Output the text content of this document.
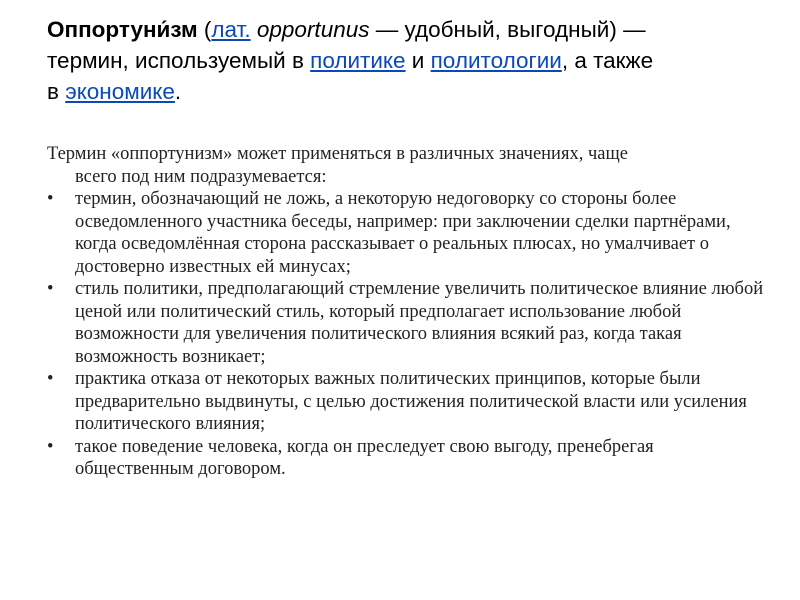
Оппортуни́зм (лат. opportunus — удобный, выгодный) —
термин, используемый в политике и политологии, а также
в экономике.

Термин «оппортунизм» может применяться в различных значениях, чаще
всего под ним подразумевается:

•	термин, обозначающий не ложь, а некоторую недоговорку со стороны более осведомленного участника беседы, например: при заключении сделки партнёрами, когда осведомлённая сторона рассказывает о реальных плюсах, но умалчивает о достоверно известных ей минусах;
•	стиль политики, предполагающий стремление увеличить политическое влияние любой ценой или политический стиль, который предполагает использование любой возможности для увеличения политического влияния всякий раз, когда такая возможность возникает;
•	практика отказа от некоторых важных политических принципов, которые были предварительно выдвинуты, с целью достижения политической власти или усиления политического влияния;
•	такое поведение человека, когда он преследует свою выгоду, пренебрегая общественным договором.
